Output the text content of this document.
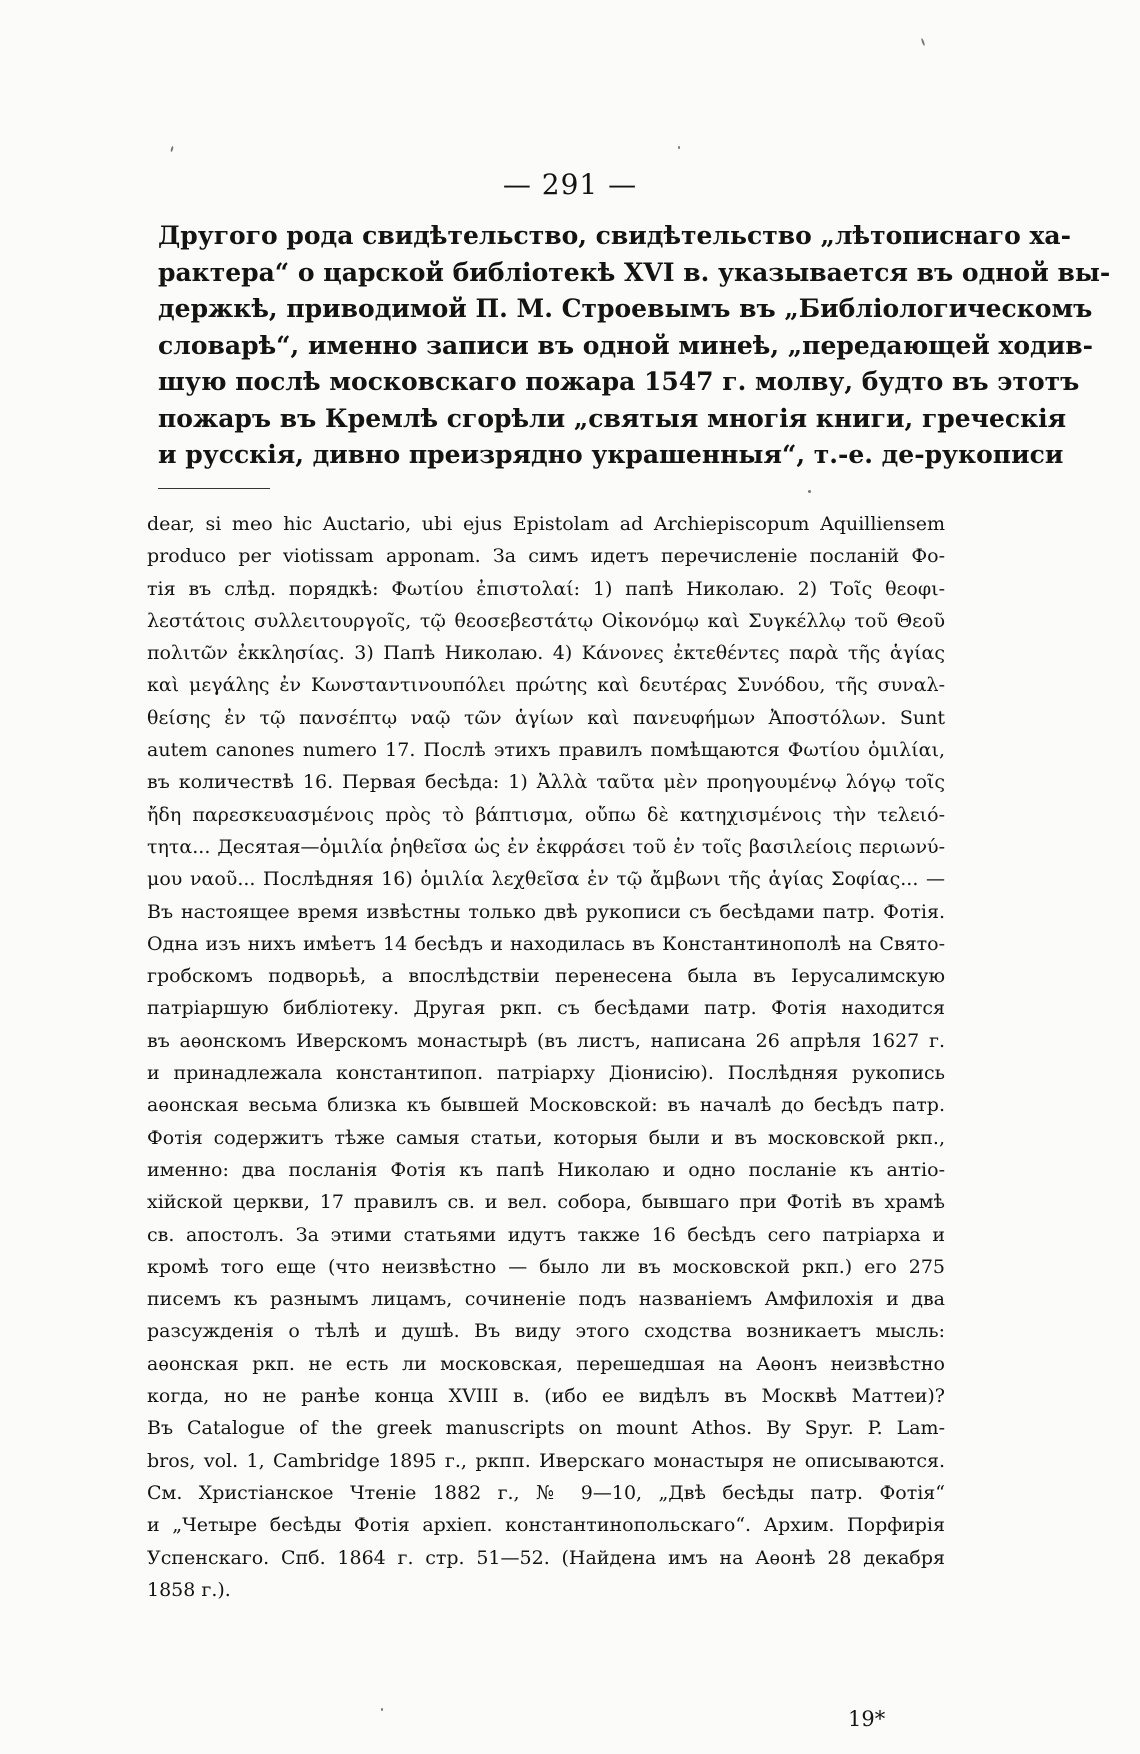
— 291 —
Другого рода свидѣтельство, свидѣтельство „лѣтописнаго ха-
рактера“ о царской библіотекѣ XVI в. указывается въ одной вы-
держкѣ, приводимой П. М. Строевымъ въ „Библіологическомъ
словарѣ“, именно записи въ одной минеѣ, „передающей ходив-
шую послѣ московскаго пожара 1547 г. молву, будто въ этотъ
пожаръ въ Кремлѣ сгорѣли „святыя многія книги, греческія
и русскія, дивно преизрядно украшенныя“, т.-е. де-рукописи
dear, si meo hic Auctario, ubi ejus Epistolam ad Archiepiscopum Aquilliensem
produco per viotissam apponam. За симъ идетъ перечисленіе посланій Фо-
тія въ слѣд. порядкѣ: Φωτίου ἐπιστολαί: 1) папѣ Николаю. 2) Τοῖς θεοφι-
λεστάτοις συλλειτουργοῖς, τῷ θεοσεβεστάτῳ Οἰκονόμῳ καὶ Συγκέλλῳ τοῦ Θεοῦ
πολιτῶν ἐκκλησίας. 3) Папѣ Николаю. 4) Κάνονες ἐκτεθέντες παρὰ τῆς ἁγίας
καὶ μεγάλης ἐν Κωνσταντινουπόλει πρώτης καὶ δευτέρας Συνόδου, τῆς συναλ-
θείσης ἐν τῷ πανσέπτῳ ναῷ τῶν ἁγίων καὶ πανευφήμων Ἀποστόλων. Sunt
autem canones numero 17. Послѣ этихъ правилъ помѣщаются Φωτίου ὁμιλίαι,
въ количествѣ 16. Первая бесѣда: 1) Ἀλλὰ ταῦτα μὲν προηγουμένῳ λόγῳ τοῖς
ἤδη παρεσκευασμένοις πρὸς τὸ βάπτισμα, οὔπω δὲ κατηχισμένοις τὴν τελειό-
τητα... Десятая—ὁμιλία ῥηθεῖσα ὡς ἐν ἐκφράσει τοῦ ἐν τοῖς βασιλείοις περιωνύ-
μου ναοῦ... Послѣдняя 16) ὁμιλία λεχθεῖσα ἐν τῷ ἄμβωνι τῆς ἁγίας Σοφίας... —
Въ настоящее время извѣстны только двѣ рукописи съ бесѣдами патр. Фотія.
Одна изъ нихъ имѣетъ 14 бесѣдъ и находилась въ Константинополѣ на Свято-
гробскомъ подворьѣ, а впослѣдствіи перенесена была въ Іерусалимскую
патріаршую библіотеку. Другая ркп. съ бесѣдами патр. Фотія находится
въ аѳонскомъ Иверскомъ монастырѣ (въ листъ, написана 26 апрѣля 1627 г.
и принадлежала константипоп. патріарху Діонисію). Послѣдняя рукопись
аѳонская весьма близка къ бывшей Московской: въ началѣ до бесѣдъ патр.
Фотія содержитъ тѣже самыя статьи, которыя были и въ московской ркп.,
именно: два посланія Фотія къ папѣ Николаю и одно посланіе къ антіо-
хійской церкви, 17 правилъ св. и вел. собора, бывшаго при Фотіѣ въ храмѣ
св. апостолъ. За этими статьями идутъ также 16 бесѣдъ сего патріарха и
кромѣ того еще (что неизвѣстно — было ли въ московской ркп.) его 275
писемъ къ разнымъ лицамъ, сочиненіе подъ названіемъ Амфилохія и два
разсужденія о тѣлѣ и душѣ. Въ виду этого сходства возникаетъ мысль:
аѳонская ркп. не есть ли московская, перешедшая на Аѳонъ неизвѣстно
когда, но не ранѣе конца XVIII в. (ибо ее видѣлъ въ Москвѣ Маттеи)?
Въ Catalogue of the greek manuscripts on mount Athos. By Spyr. P. Lam-
bros, vol. 1, Cambridge 1895 г., ркпп. Иверскаго монастыря не описываются.
См. Христіанское Чтеніе 1882 г., № 9—10, „Двѣ бесѣды патр. Фотія“
и „Четыре бесѣды Фотія архіеп. константинопольскаго“. Архим. Порфирія
Успенскаго. Спб. 1864 г. стр. 51—52. (Найдена имъ на Аѳонѣ 28 декабря
1858 г.).
19*
